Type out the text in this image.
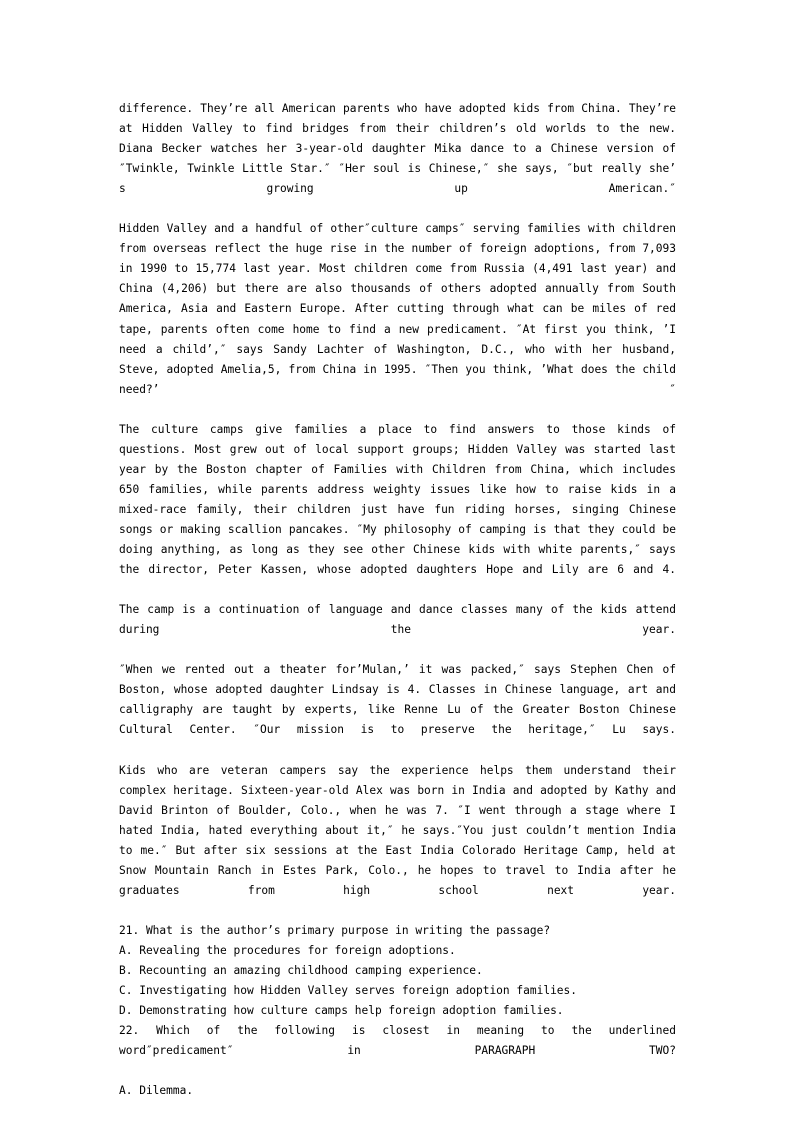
difference. They’re all American parents who have adopted kids from China. They’re at Hidden Valley to find bridges from their children’s old worlds to the new. Diana Becker watches her 3-year-old daughter Mika dance to a Chinese version of ″Twinkle, Twinkle Little Star.″ ″Her soul is Chinese,″ she says, ″but really she’ s growing up American.″

Hidden Valley and a handful of other″culture camps″ serving families with children from overseas reflect the huge rise in the number of foreign adoptions, from 7,093 in 1990 to 15,774 last year. Most children come from Russia (4,491 last year) and China (4,206) but there are also thousands of others adopted annually from South America, Asia and Eastern Europe. After cutting through what can be miles of red tape, parents often come home to find a new predicament. ″At first you think, ’I need a child’,″ says Sandy Lachter of Washington, D.C., who with her husband, Steve, adopted Amelia,5, from China in 1995. ″Then you think, ’What does the child need?’ ″

The culture camps give families a place to find answers to those kinds of questions. Most grew out of local support groups; Hidden Valley was started last year by the Boston chapter of Families with Children from China, which includes 650 families, while parents address weighty issues like how to raise kids in a mixed-race family, their children just have fun riding horses, singing Chinese songs or making scallion pancakes. ″My philosophy of camping is that they could be doing anything, as long as they see other Chinese kids with white parents,″ says the director, Peter Kassen, whose adopted daughters Hope and Lily are 6 and 4.

The camp is a continuation of language and dance classes many of the kids attend during the year.

″When we rented out a theater for’Mulan,’ it was packed,″ says Stephen Chen of Boston, whose adopted daughter Lindsay is 4. Classes in Chinese language, art and calligraphy are taught by experts, like Renne Lu of the Greater Boston Chinese Cultural Center. ″Our mission is to preserve the heritage,″ Lu says.

Kids who are veteran campers say the experience helps them understand their complex heritage. Sixteen-year-old Alex was born in India and adopted by Kathy and David Brinton of Boulder, Colo., when he was 7. ″I went through a stage where I hated India, hated everything about it,″ he says.″You just couldn’t mention India to me.″ But after six sessions at the East India Colorado Heritage Camp, held at Snow Mountain Ranch in Estes Park, Colo., he hopes to travel to India after he graduates from high school next year.

21. What is the author’s primary purpose in writing the passage?

A. Revealing the procedures for foreign adoptions.

B. Recounting an amazing childhood camping experience.

C. Investigating how Hidden Valley serves foreign adoption families.

D. Demonstrating how culture camps help foreign adoption families.

22. Which of the following is closest in meaning to the underlined word″predicament″ in PARAGRAPH TWO?

A. Dilemma.
